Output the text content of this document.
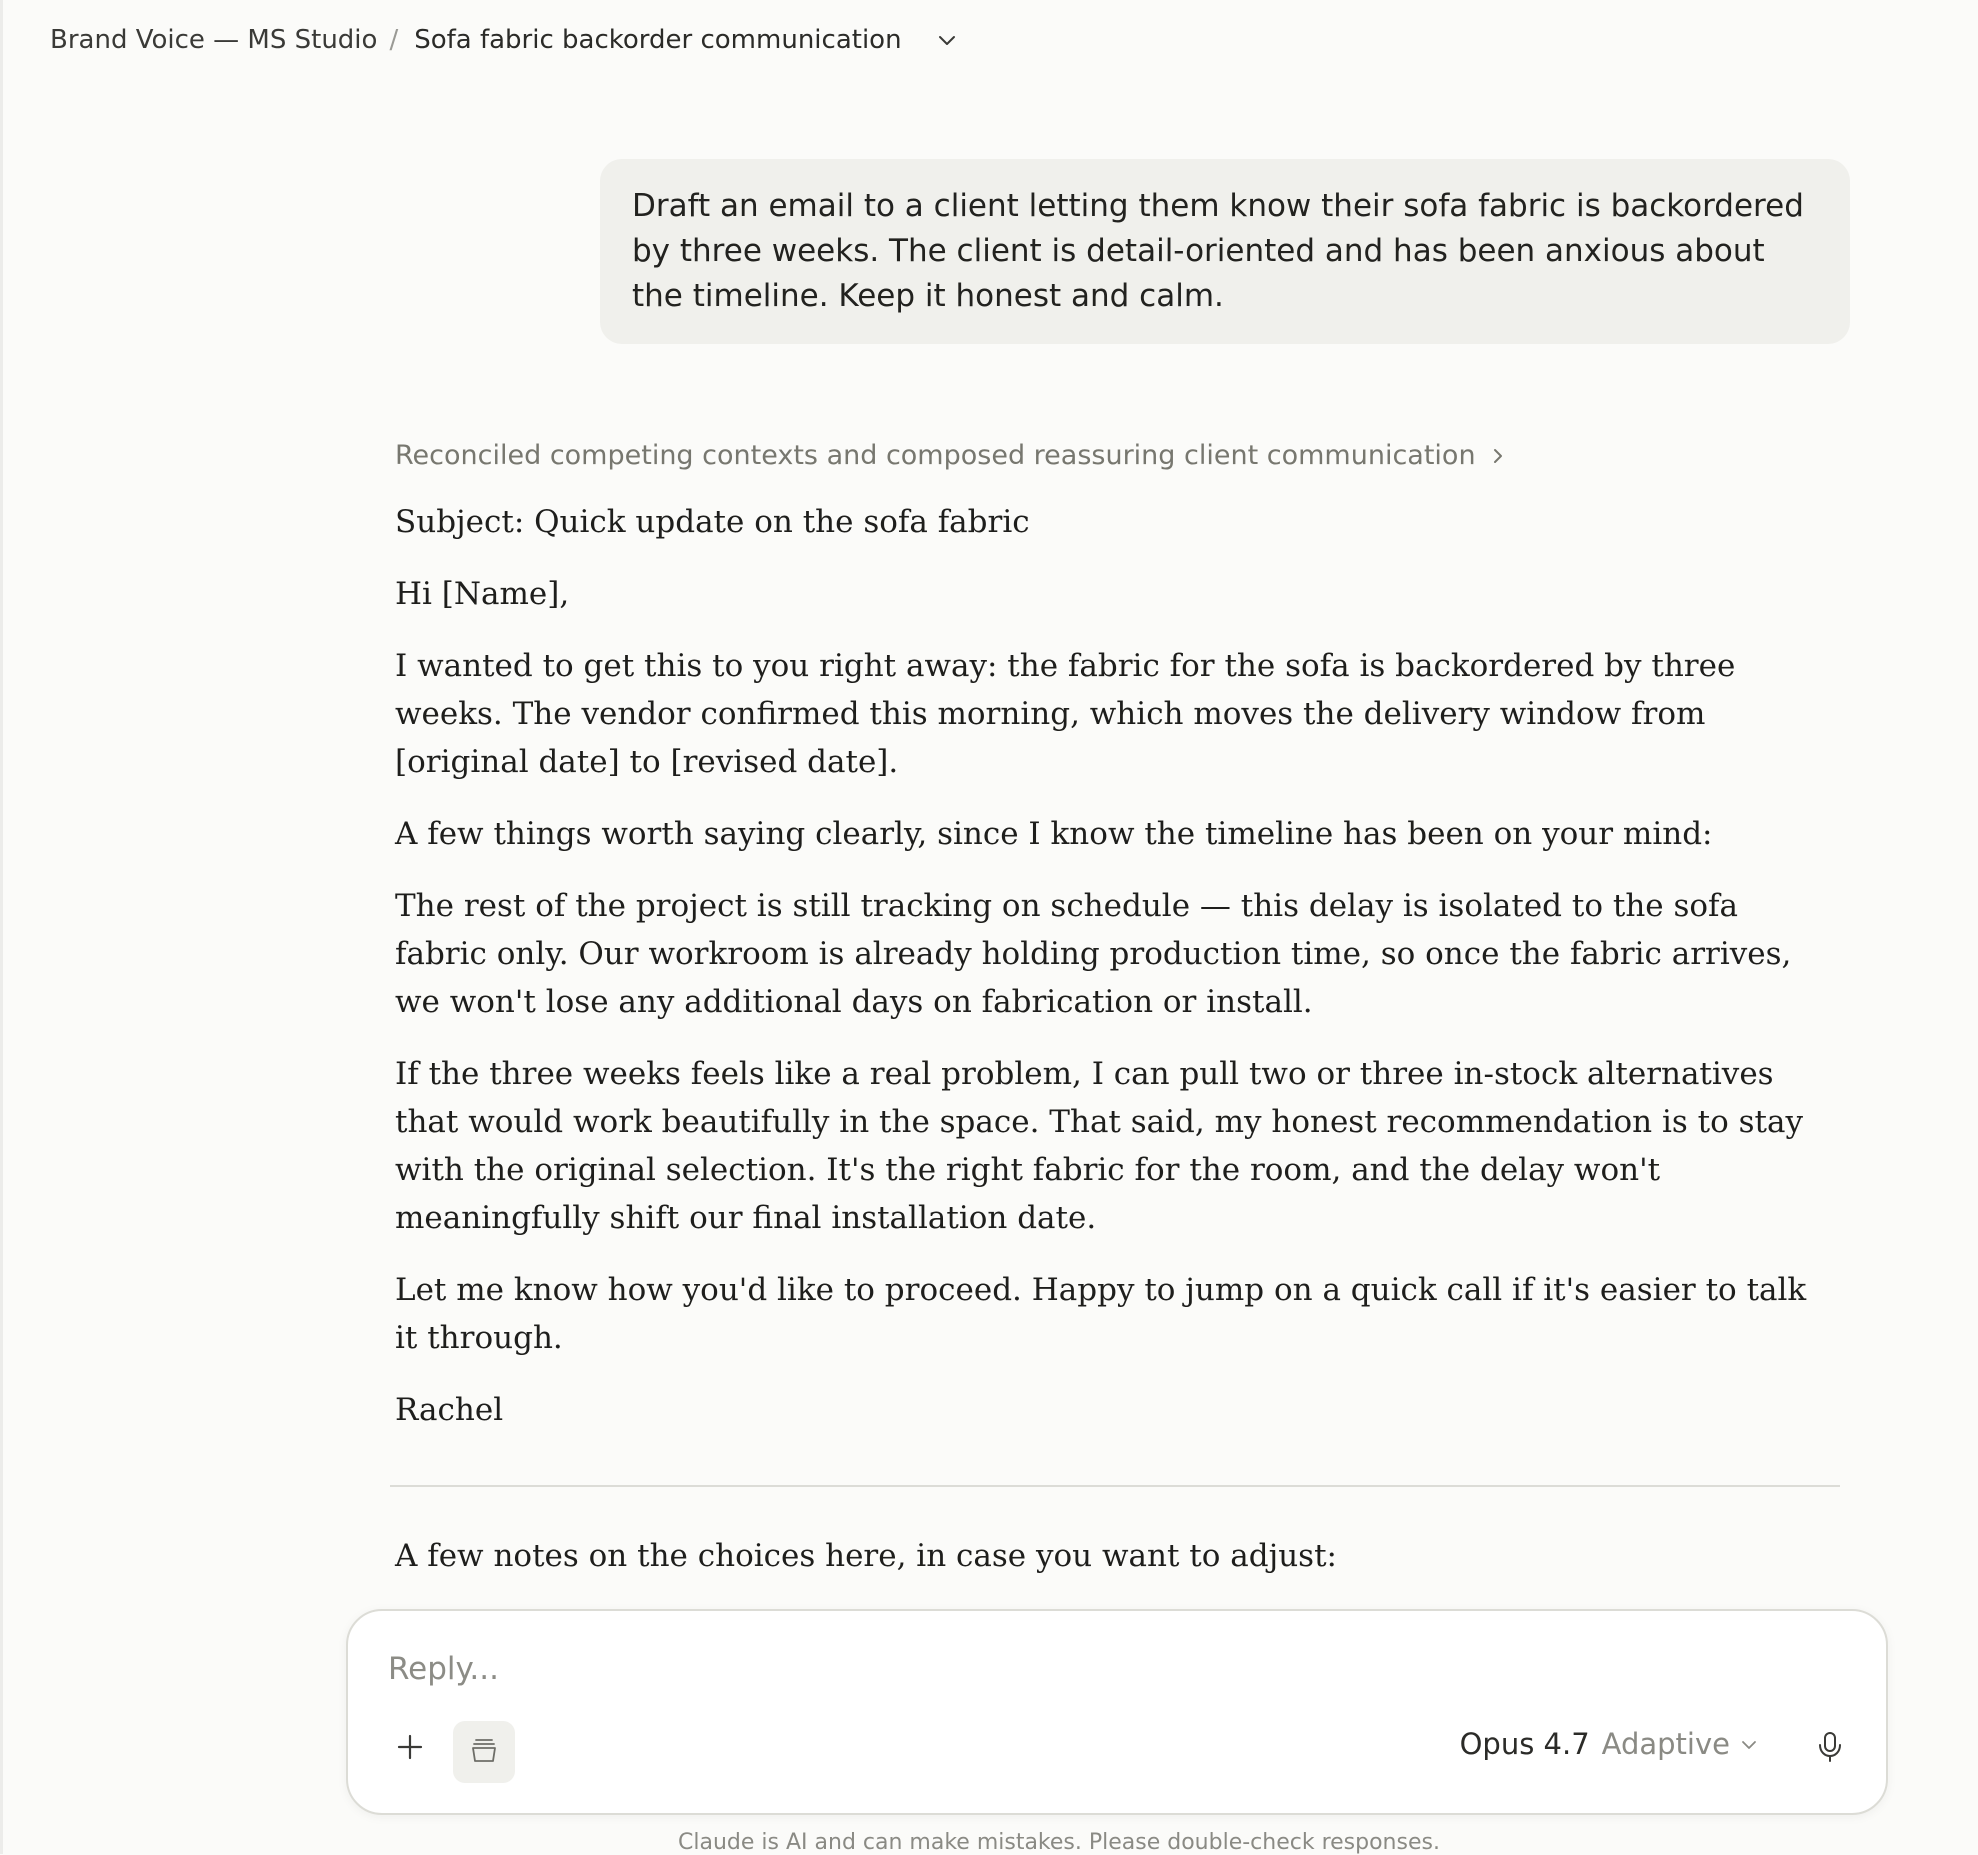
Brand Voice — MS Studio / Sofa fabric backorder communication
Draft an email to a client letting them know their sofa fabric is backordered by three weeks. The client is detail-oriented and has been anxious about the timeline. Keep it honest and calm.
Reconciled competing contexts and composed reassuring client communication

Subject: Quick update on the sofa fabric

Hi [Name],

I wanted to get this to you right away: the fabric for the sofa is backordered by three weeks. The vendor confirmed this morning, which moves the delivery window from [original date] to [revised date].

A few things worth saying clearly, since I know the timeline has been on your mind:

The rest of the project is still tracking on schedule — this delay is isolated to the sofa fabric only. Our workroom is already holding production time, so once the fabric arrives, we won't lose any additional days on fabrication or install.

If the three weeks feels like a real problem, I can pull two or three in-stock alternatives that would work beautifully in the space. That said, my honest recommendation is to stay with the original selection. It's the right fabric for the room, and the delay won't meaningfully shift our final installation date.

Let me know how you'd like to proceed. Happy to jump on a quick call if it's easier to talk it through.

Rachel

A few notes on the choices here, in case you want to adjust:
Reply...
Opus 4.7 Adaptive
Claude is AI and can make mistakes. Please double-check responses.
